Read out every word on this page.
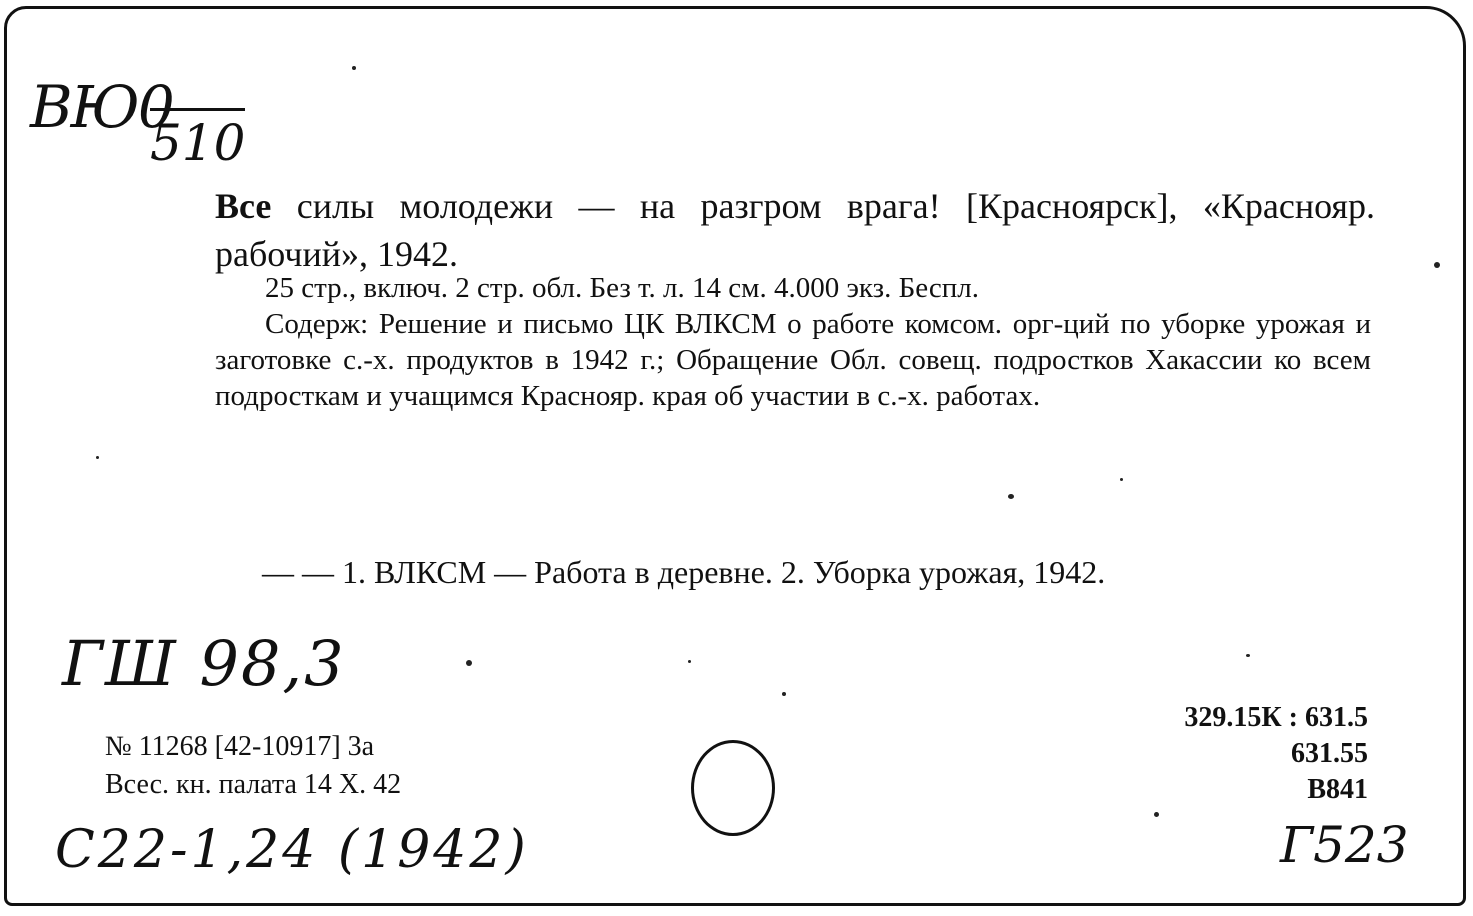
ВЮ0
510

Все силы молодежи — на разгром врага! [Красноярск], «Краснояр. рабочий», 1942.

25 стр., включ. 2 стр. обл. Без т. л. 14 см. 4.000 экз. Беспл.

Содерж: Решение и письмо ЦК ВЛКСМ о работе комсом. орг-ций по уборке урожая и заготовке с.-х. продуктов в 1942 г.; Обращение Обл. совещ. подростков Хакассии ко всем подросткам и учащимся Краснояр. края об участии в с.-х. работах.

— — 1. ВЛКСМ — Работа в деревне. 2. Уборка урожая, 1942.
ГШ 98,3
№ 11268 [42-10917] 3а
Всес. кн. палата 14 X. 42
329.15К : 631.5
631.55
В841
С22-1,24 (1942)	Г523
